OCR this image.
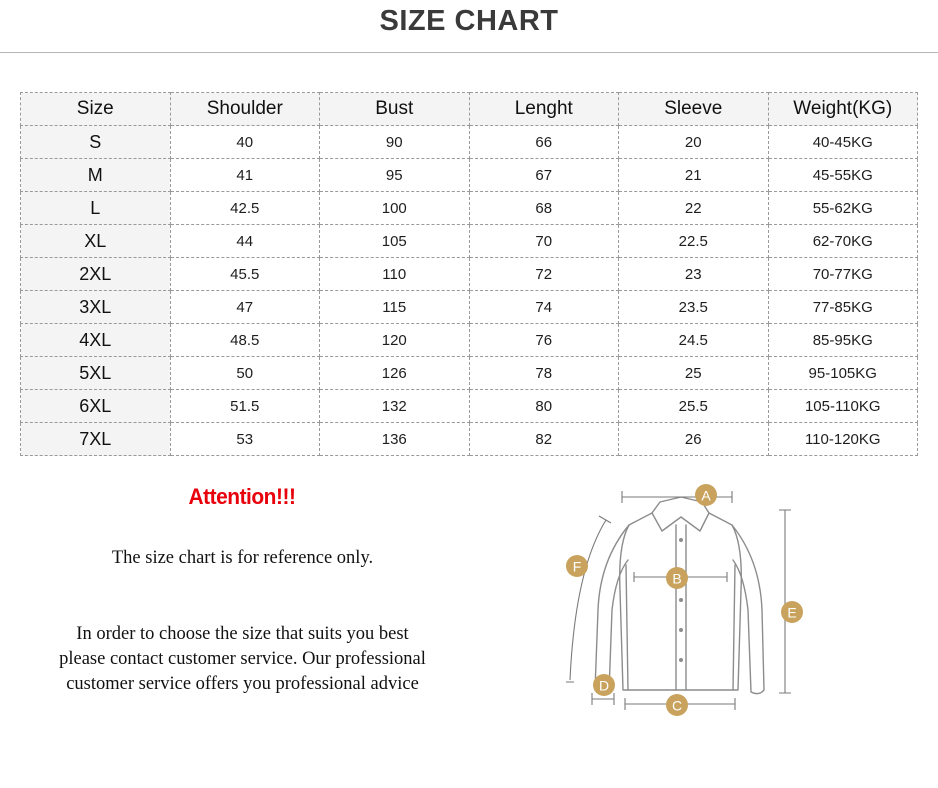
SIZE CHART
Size	Shoulder	Bust	Lenght	Sleeve	Weight(KG)
S	40	90	66	20	40-45KG
M	41	95	67	21	45-55KG
L	42.5	100	68	22	55-62KG
XL	44	105	70	22.5	62-70KG
2XL	45.5	110	72	23	70-77KG
3XL	47	115	74	23.5	77-85KG
4XL	48.5	120	76	24.5	85-95KG
5XL	50	126	78	25	95-105KG
6XL	51.5	132	80	25.5	105-110KG
7XL	53	136	82	26	110-120KG
Attention!!!
The size chart is for reference only.
In order to choose the size that suits you best
please contact customer service. Our professional
customer service offers you professional advice
A
B
C
D
E
F
